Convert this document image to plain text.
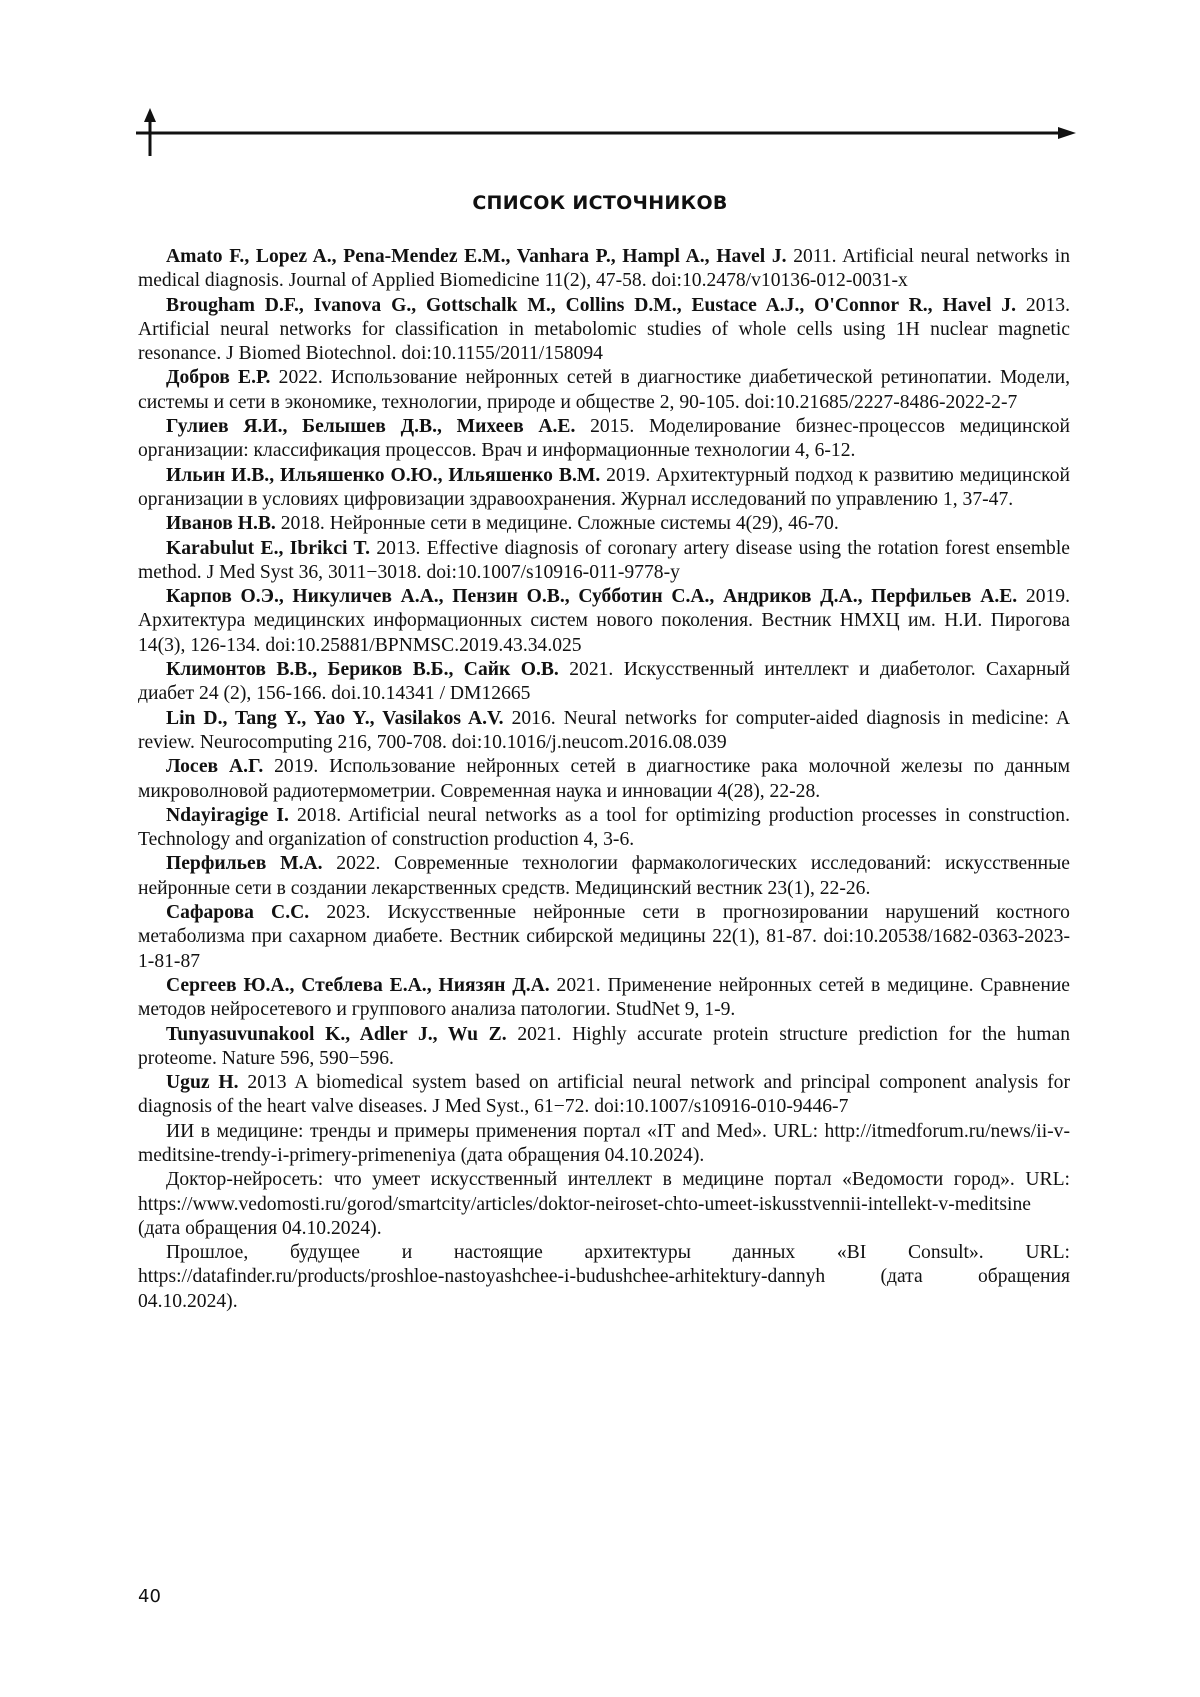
СПИСОК ИСТОЧНИКОВ

Amato F., Lopez A., Pena-Mendez E.M., Vanhara P., Hampl A., Havel J. 2011. Artificial neural networks in medical diagnosis. Journal of Applied Biomedicine 11(2), 47-58. doi:10.2478/v10136-012-0031-x

Brougham D.F., Ivanova G., Gottschalk M., Collins D.M., Eustace A.J., O'Connor R., Havel J. 2013. Artificial neural networks for classification in metabolomic studies of whole cells using 1H nuclear magnetic resonance. J Biomed Biotechnol. doi:10.1155/2011/158094

Добров Е.Р. 2022. Использование нейронных сетей в диагностике диабетической ретинопатии. Модели, системы и сети в экономике, технологии, природе и обществе 2, 90-105. doi:10.21685/2227-8486-2022-2-7

Гулиев Я.И., Белышев Д.В., Михеев А.Е. 2015. Моделирование бизнес-процессов медицинской организации: классификация процессов. Врач и информационные технологии 4, 6-12.

Ильин И.В., Ильяшенко О.Ю., Ильяшенко В.М. 2019. Архитектурный подход к развитию медицинской организации в условиях цифровизации здравоохранения. Журнал исследований по управлению 1, 37-47.

Иванов Н.В. 2018. Нейронные сети в медицине. Сложные системы 4(29), 46-70.

Karabulut E., Ibrikci T. 2013. Effective diagnosis of coronary artery disease using the rotation forest ensemble method. J Med Syst 36, 3011−3018. doi:10.1007/s10916-011-9778-y

Карпов О.Э., Никуличев А.А., Пензин О.В., Субботин С.А., Андриков Д.А., Перфильев А.Е. 2019. Архитектура медицинских информационных систем нового поколения. Вестник НМХЦ им. Н.И. Пирогова 14(3), 126-134. doi:10.25881/BPNMSC.2019.43.34.025

Климонтов В.В., Бериков В.Б., Сайк О.В. 2021. Искусственный интеллект и диабетолог. Сахарный диабет 24 (2), 156-166. doi.10.14341 / DM12665

Lin D., Tang Y., Yao Y., Vasilakos A.V. 2016. Neural networks for computer-aided diagnosis in medicine: A review. Neurocomputing 216, 700-708. doi:10.1016/j.neucom.2016.08.039

Лосев А.Г. 2019. Использование нейронных сетей в диагностике рака молочной железы по данным микроволновой радиотермометрии. Современная наука и инновации 4(28), 22-28.

Ndayiragige I. 2018. Artificial neural networks as a tool for optimizing production processes in construction. Technology and organization of construction production 4, 3-6.

Перфильев М.А. 2022. Современные технологии фармакологических исследований: искусственные нейронные сети в создании лекарственных средств. Медицинский вестник 23(1), 22-26.

Сафарова С.С. 2023. Искусственные нейронные сети в прогнозировании нарушений костного метаболизма при сахарном диабете. Вестник сибирской медицины 22(1), 81-87. doi:10.20538/1682-0363-2023-1-81-87

Сергеев Ю.А., Стеблева Е.А., Ниязян Д.А. 2021. Применение нейронных сетей в медицине. Сравнение методов нейросетевого и группового анализа патологии. StudNet 9, 1-9.

Tunyasuvunakool K., Adler J., Wu Z. 2021. Highly accurate protein structure prediction for the human proteome. Nature 596, 590−596.

Uguz H. 2013 A biomedical system based on artificial neural network and principal component analysis for diagnosis of the heart valve diseases. J Med Syst., 61−72. doi:10.1007/s10916-010-9446-7

ИИ в медицине: тренды и примеры применения портал «IT and Med». URL: http://itmedforum.ru/news/ii-v-meditsine-trendy-i-primery-primeneniya (дата обращения 04.10.2024).

Доктор-нейросеть: что умеет искусственный интеллект в медицине портал «Ведомости город». URL: https://www.vedomosti.ru/gorod/smartcity/articles/doktor-neiroset-chto-umeet-iskusstvennii-intellekt-v-meditsine (дата обращения 04.10.2024).

Прошлое, будущее и настоящие архитектуры данных «BI Consult». URL: https://datafinder.ru/products/proshloe-nastoyashchee-i-budushchee-arhitektury-dannyh (дата обращения 04.10.2024).

40
